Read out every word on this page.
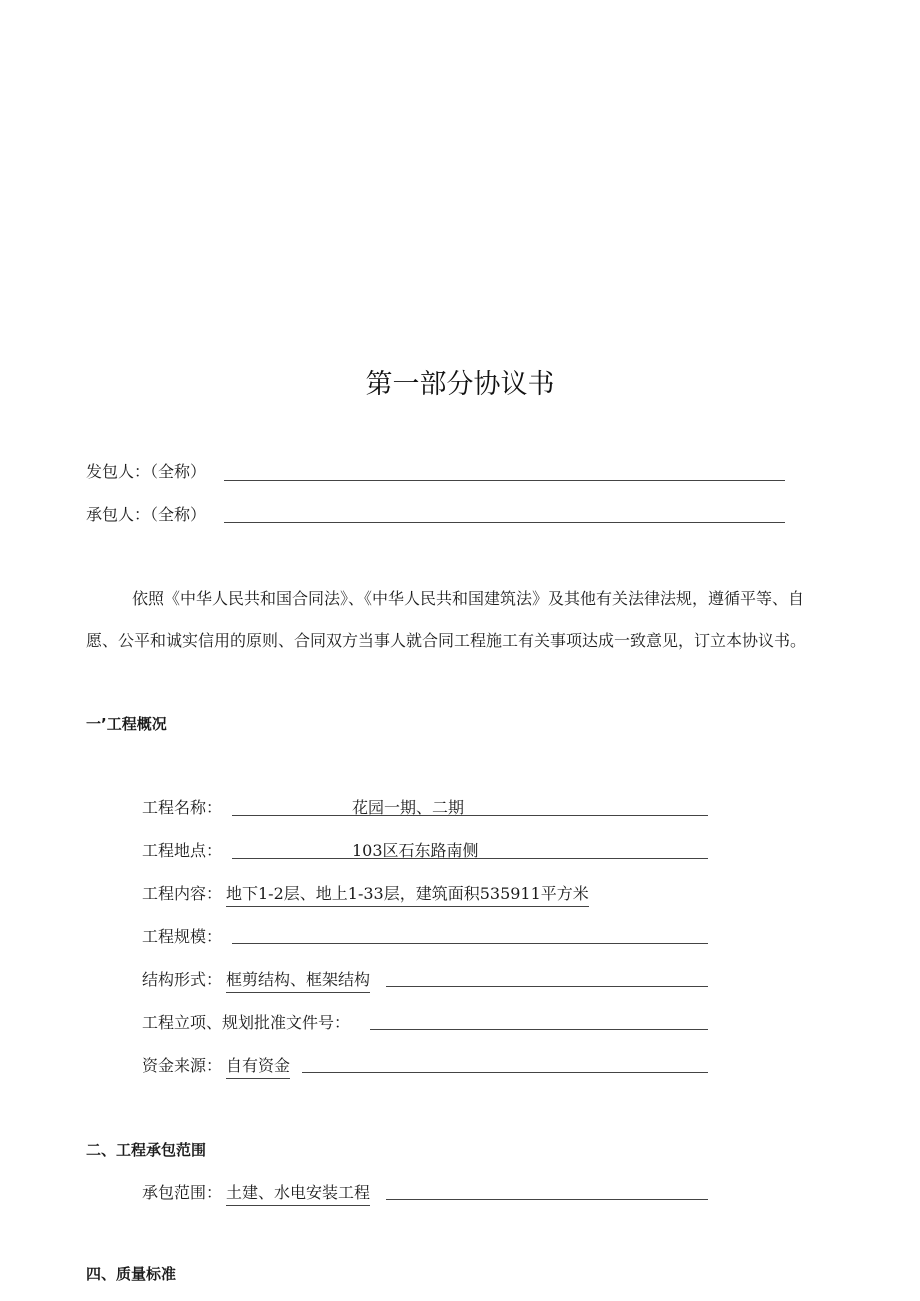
第一部分协议书
发包人：（全称）
承包人：（全称）
依照《中华人民共和国合同法》、《中华人民共和国建筑法》及其他有关法律法规，遵循平等、自
愿、公平和诚实信用的原则、合同双方当事人就合同工程施工有关事项达成一致意见，订立本协议书。
一’工程概况
工程名称：	花园一期、二期
工程地点：	103区石东路南侧
工程内容： 地下1-2层、地上1-33层，建筑面积535911平方米
工程规模：
结构形式： 框剪结构、框架结构
工程立项、规划批准文件号：
资金来源： 自有资金
二、工程承包范围
承包范围： 土建、水电安装工程
四、质量标准
